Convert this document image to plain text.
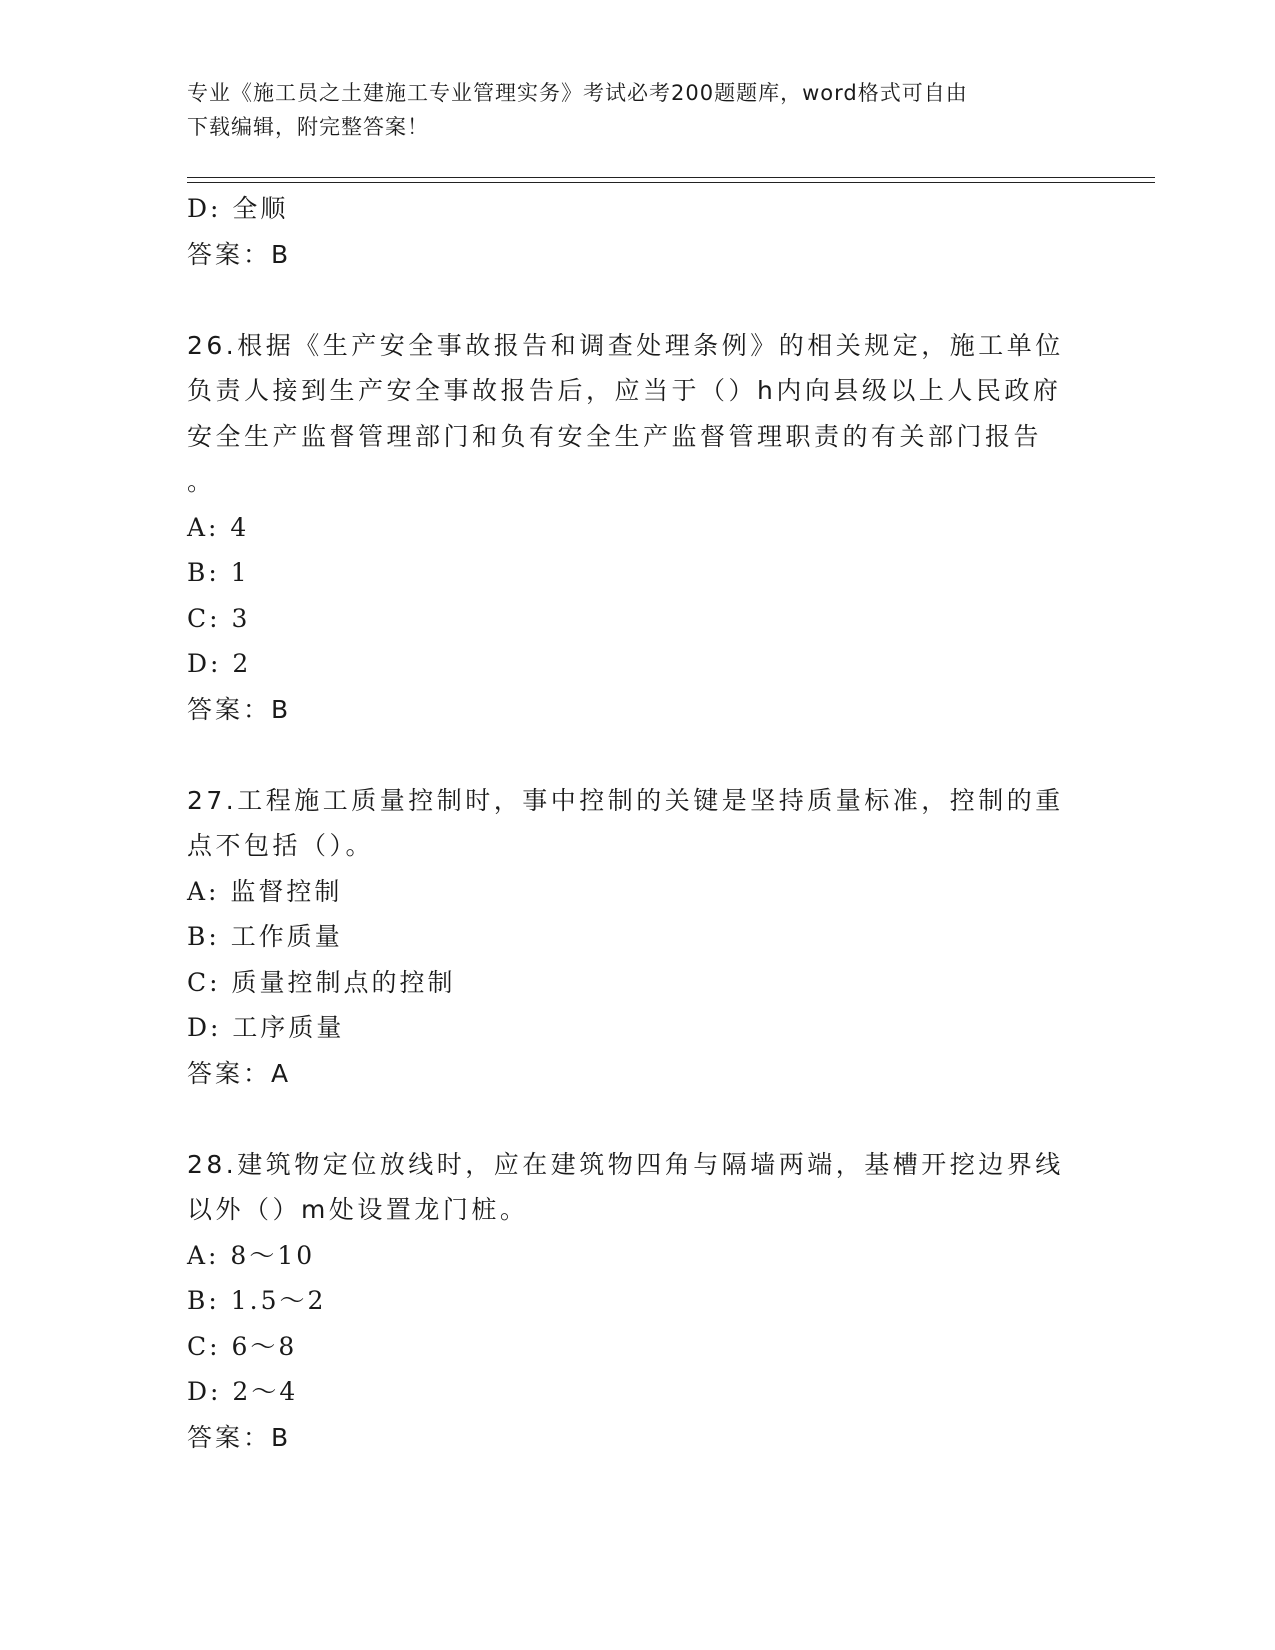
专业《施工员之土建施工专业管理实务》考试必考200题题库，word格式可自由
下载编辑，附完整答案！
D: 全顺
答案：B
26.根据《生产安全事故报告和调查处理条例》的相关规定，施工单位
负责人接到生产安全事故报告后，应当于（）h内向县级以上人民政府
安全生产监督管理部门和负有安全生产监督管理职责的有关部门报告
。
A: 4
B: 1
C: 3
D: 2
答案：B
27.工程施工质量控制时，事中控制的关键是坚持质量标准，控制的重
点不包括（）。
A: 监督控制
B: 工作质量
C: 质量控制点的控制
D: 工序质量
答案：A
28.建筑物定位放线时，应在建筑物四角与隔墙两端，基槽开挖边界线
以外（）m处设置龙门桩。
A: 8～10
B: 1.5～2
C: 6～8
D: 2～4
答案：B
